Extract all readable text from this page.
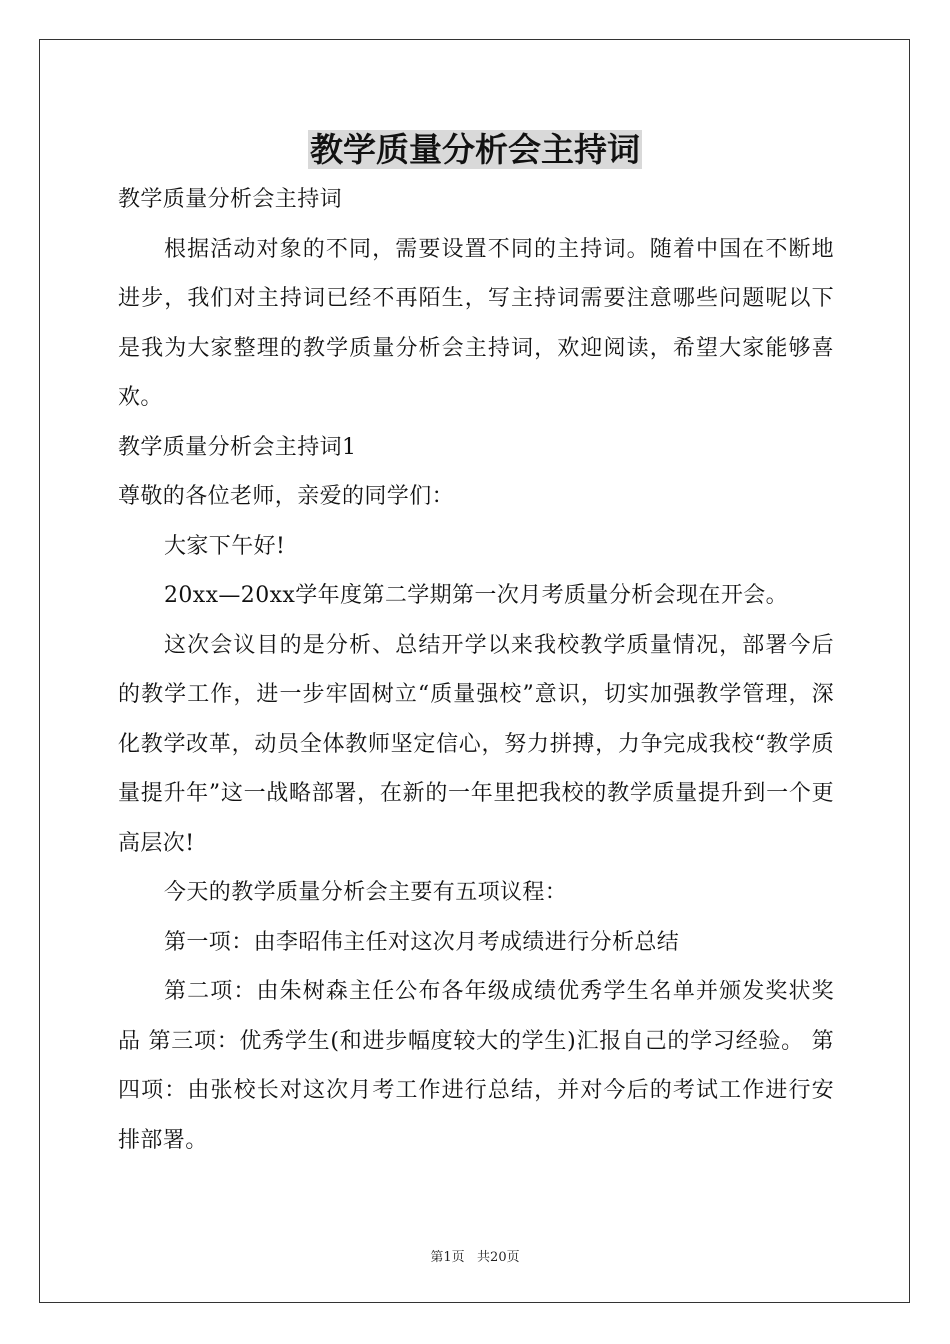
教学质量分析会主持词

教学质量分析会主持词

根据活动对象的不同，需要设置不同的主持词。随着中国在不断地进步，我们对主持词已经不再陌生，写主持词需要注意哪些问题呢以下是我为大家整理的教学质量分析会主持词，欢迎阅读，希望大家能够喜欢。

教学质量分析会主持词1

尊敬的各位老师，亲爱的同学们：

大家下午好!

20xx—20xx学年度第二学期第一次月考质量分析会现在开会。

这次会议目的是分析、总结开学以来我校教学质量情况，部署今后的教学工作，进一步牢固树立“质量强校”意识，切实加强教学管理，深化教学改革，动员全体教师坚定信心，努力拼搏，力争完成我校“教学质量提升年”这一战略部署，在新的一年里把我校的教学质量提升到一个更高层次!

今天的教学质量分析会主要有五项议程：

第一项：由李昭伟主任对这次月考成绩进行分析总结

第二项：由朱树森主任公布各年级成绩优秀学生名单并颁发奖状奖品 第三项：优秀学生(和进步幅度较大的学生)汇报自己的学习经验。 第四项：由张校长对这次月考工作进行总结，并对今后的考试工作进行安排部署。

第1页   共20页
